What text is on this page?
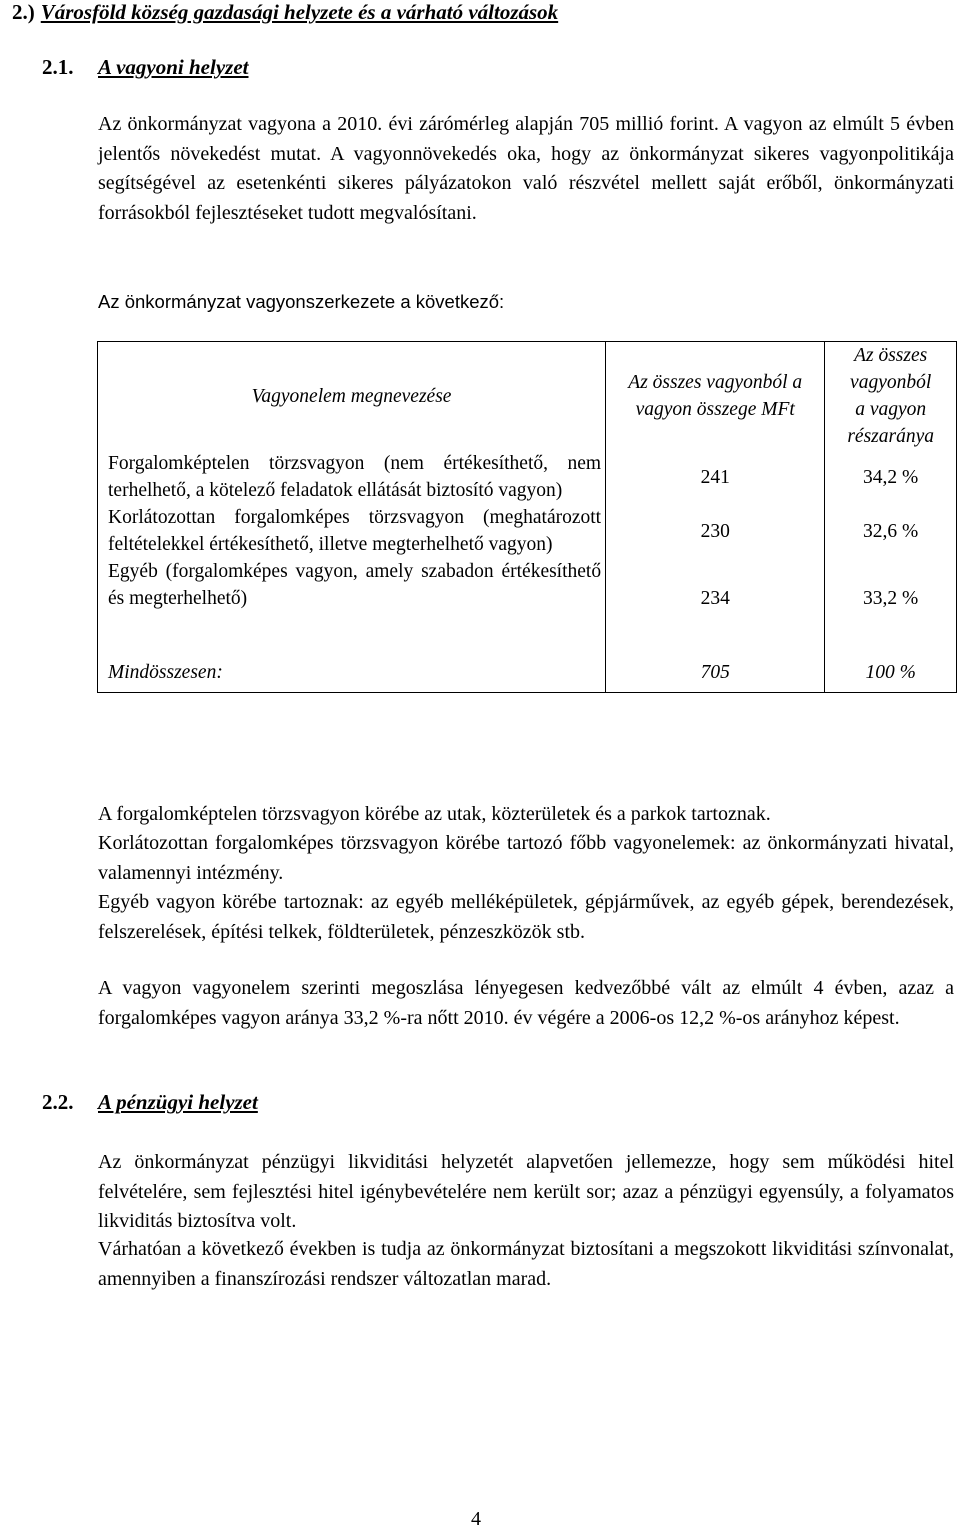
2.) Városföld község gazdasági helyzete és a várható változások
2.1. A vagyoni helyzet

Az önkormányzat vagyona a 2010. évi zárómérleg alapján 705 millió forint. A vagyon az elmúlt 5 évben jelentős növekedést mutat. A vagyonnövekedés oka, hogy az önkormányzat sikeres vagyonpolitikája segítségével az esetenkénti sikeres pályázatokon való részvétel mellett saját erőből, önkormányzati forrásokból fejlesztéseket tudott megvalósítani.

Az önkormányzat vagyonszerkezete a következő:

Vagyonelem megnevezése	Az összes vagyonból a vagyon összege MFt	Az összes vagyonból a vagyon részaránya
Forgalomképtelen törzsvagyon (nem értékesíthető, nem terhelhető, a kötelező feladatok ellátását biztosító vagyon)	241	34,2 %
Korlátozottan forgalomképes törzsvagyon (meghatározott feltételekkel értékesíthető, illetve megterhelhető vagyon)	230	32,6 %
Egyéb (forgalomképes vagyon, amely szabadon értékesíthető és megterhelhető)	234	33,2 %

Mindösszesen:	705	100 %

A forgalomképtelen törzsvagyon körébe az utak, közterületek és a parkok tartoznak.

Korlátozottan forgalomképes törzsvagyon körébe tartozó főbb vagyonelemek: az önkormányzati hivatal, valamennyi intézmény.

Egyéb vagyon körébe tartoznak: az egyéb melléképületek, gépjárművek, az egyéb gépek, berendezések, felszerelések, építési telkek, földterületek, pénzeszközök stb.

A vagyon vagyonelem szerinti megoszlása lényegesen kedvezőbbé vált az elmúlt 4 évben, azaz a forgalomképes vagyon aránya 33,2 %-ra nőtt 2010. év végére a 2006-os 12,2 %-os arányhoz képest.

2.2. A pénzügyi helyzet

Az önkormányzat pénzügyi likviditási helyzetét alapvetően jellemezze, hogy sem működési hitel felvételére, sem fejlesztési hitel igénybevételére nem került sor; azaz a pénzügyi egyensúly, a folyamatos likviditás biztosítva volt.

Várhatóan a következő években is tudja az önkormányzat biztosítani a megszokott likviditási színvonalat, amennyiben a finanszírozási rendszer változatlan marad.

4
